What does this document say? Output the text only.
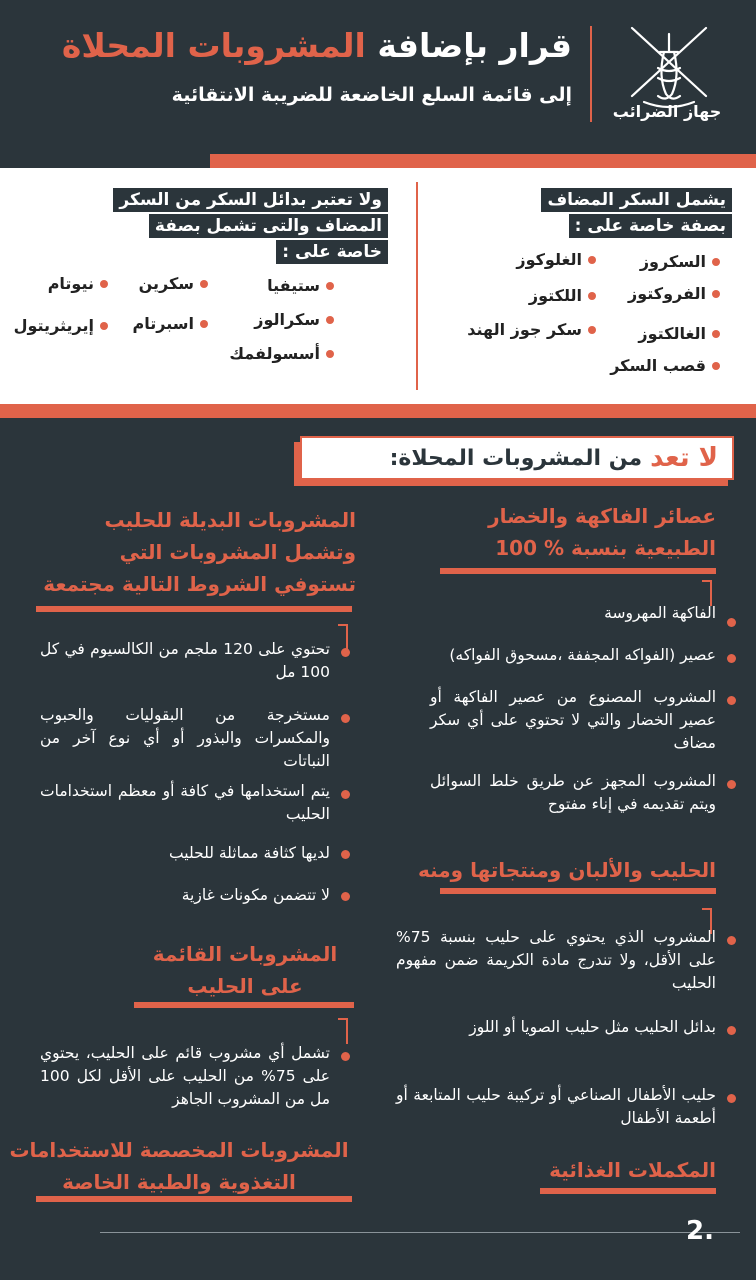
جهاز الضرائب
قرار بإضافة المشروبات المحلاة
إلى قائمة السلع الخاضعة للضريبة الانتقائية
يشمل السكر المضاف
بصفة خاصة على :
السكروز
الغلوكوز
الفروكتوز
اللكتوز
الغالكتوز
سكر جوز الهند
قصب السكر
ولا تعتبر بدائل السكر من السكر
المضاف والتى تشمل بصفة
خاصة على :
ستيفيا
سكرين
نيوتام
سكرالوز
اسبرتام
إيريثريتول
أسسولفمك
لا تعد
من المشروبات المحلاة:
عصائر الفاكهة والخضار
الطبيعية بنسبة % 100
الفاكهة المهروسة
عصير (الفواكه المجففة ،مسحوق الفواكه)
المشروب المصنوع من عصير الفاكهة أو عصير الخضار والتي لا تحتوي على أي سكر مضاف
المشروب المجهز عن طريق خلط السوائل ويتم تقديمه في إناء مفتوح
الحليب والألبان ومنتجاتها ومنه
المشروب الذي يحتوي على حليب بنسبة 75% على الأقل، ولا تندرج مادة الكريمة ضمن مفهوم الحليب
بدائل الحليب مثل حليب الصويا أو اللوز
حليب الأطفال الصناعي أو تركيبة حليب المتابعة أو أطعمة الأطفال
المكملات الغذائية
المشروبات البديلة للحليب
وتشمل المشروبات التي
تستوفي الشروط التالية مجتمعة
تحتوي على 120 ملجم من الكالسيوم في كل 100 مل
مستخرجة من البقوليات والحبوب والمكسرات والبذور أو أي نوع آخر من النباتات
يتم استخدامها في كافة أو معظم استخدامات الحليب
لديها كثافة مماثلة للحليب
لا تتضمن مكونات غازية
المشروبات القائمة
على الحليب
تشمل أي مشروب قائم على الحليب، يحتوي على 75% من الحليب على الأقل لكل 100 مل من المشروب الجاهز
المشروبات المخصصة للاستخدامات
التغذوية والطبية الخاصة
.2
